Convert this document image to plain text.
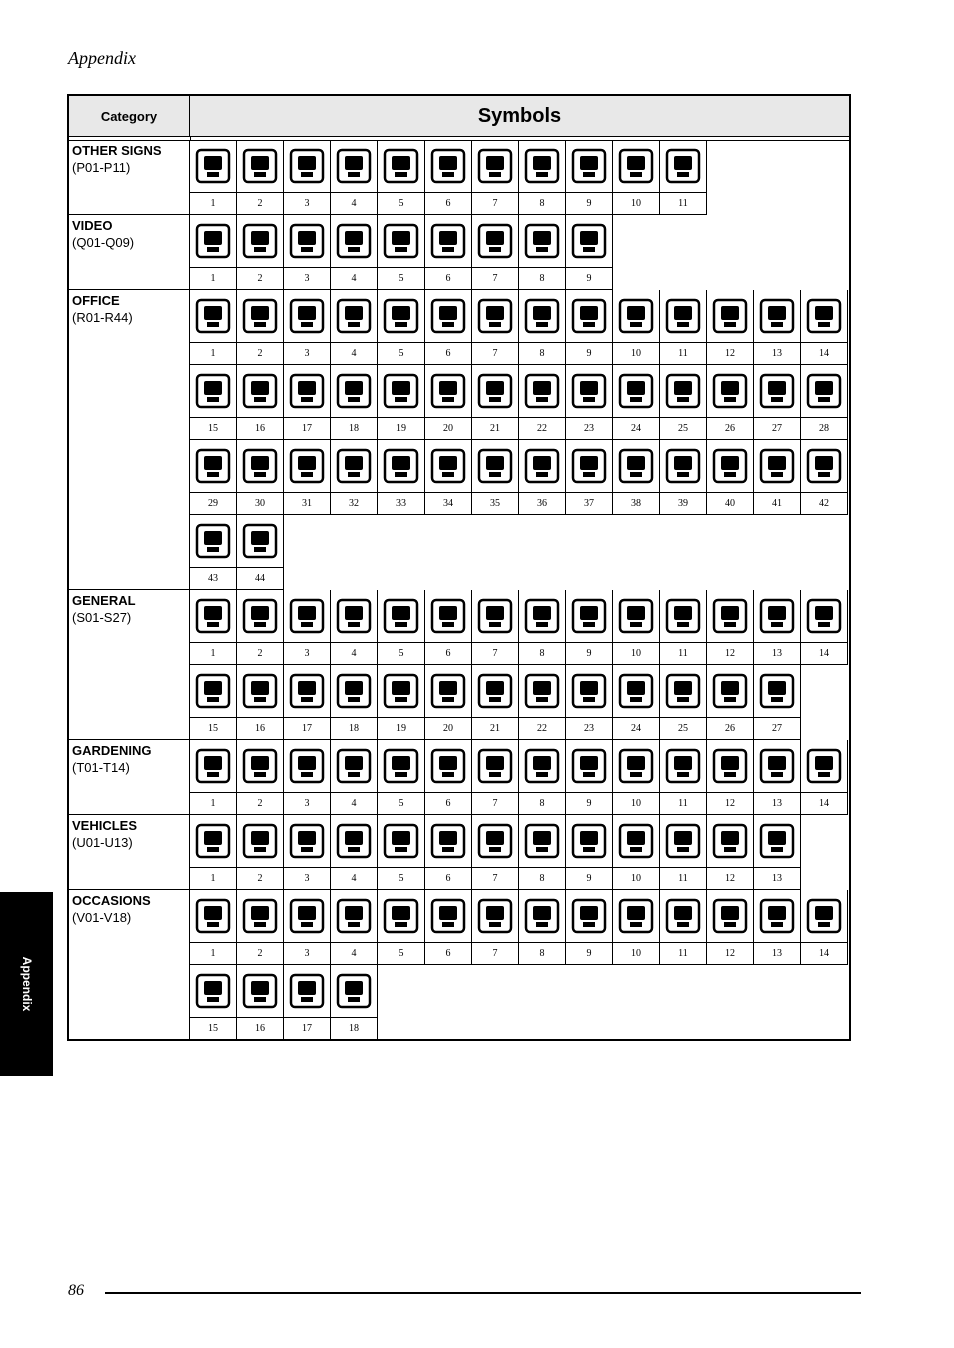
Appendix
Appendix
Category	Symbols
OTHER SIGNS
(P01-P11)
1	2	3	4	5	6	7	8	9	10	11
VIDEO
(Q01-Q09)
1	2	3	4	5	6	7	8	9
OFFICE
(R01-R44)
1	2	3	4	5	6	7	8	9	10	11	12	13	14
15	16	17	18	19	20	21	22	23	24	25	26	27	28
29	30	31	32	33	34	35	36	37	38	39	40	41	42
43	44
GENERAL
(S01-S27)
1	2	3	4	5	6	7	8	9	10	11	12	13	14
15	16	17	18	19	20	21	22	23	24	25	26	27
GARDENING
(T01-T14)
1	2	3	4	5	6	7	8	9	10	11	12	13	14
VEHICLES
(U01-U13)
1	2	3	4	5	6	7	8	9	10	11	12	13
OCCASIONS
(V01-V18)
1	2	3	4	5	6	7	8	9	10	11	12	13	14
15	16	17	18
86
